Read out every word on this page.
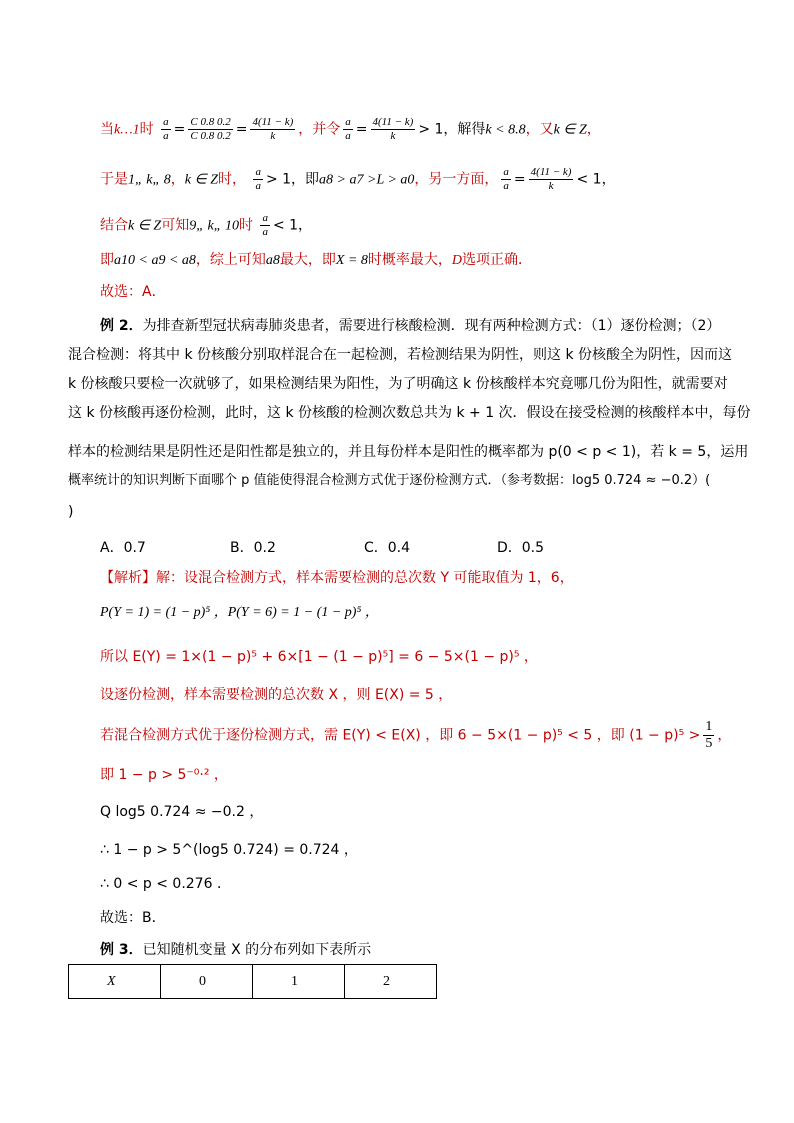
当k…1时 $\frac{a}{a} = \frac{C 0.8 0.2}{C 0.8 0.2} = \frac{4(11 - k)}{k}$ ，并令 $\frac{a}{a} = \frac{4(11 - k)}{k} > 1$，解得k < 8.8，又k ∈ Z，
于是1„ k„ 8，k ∈ Z时， $\frac{a}{a} > 1$，即a8 > a7 >L > a0，另一方面， $\frac{a}{a} = \frac{4(11 - k)}{k} < 1$，
结合k ∈ Z可知9„ k„ 10时 $\frac{a}{a} < 1$，
即a10 < a9 < a8，综上可知a8最大，即X = 8时概率最大，D选项正确．
故选：A．
例 2．为排查新型冠状病毒肺炎患者，需要进行核酸检测．现有两种检测方式：（1）逐份检测；（2）
混合检测：将其中 k 份核酸分别取样混合在一起检测，若检测结果为阴性，则这 k 份核酸全为阴性，因而这
k 份核酸只要检一次就够了，如果检测结果为阳性，为了明确这 k 份核酸样本究竟哪几份为阳性，就需要对
这 k 份核酸再逐份检测，此时，这 k 份核酸的检测次数总共为 k + 1 次．假设在接受检测的核酸样本中，每份
样本的检测结果是阴性还是阳性都是独立的，并且每份样本是阳性的概率都为 p(0 < p < 1)，若 k = 5，运用
概率统计的知识判断下面哪个 p 值能使得混合检测方式优于逐份检测方式．（参考数据：log5 0.724 ≈ −0.2）(
)
A．0.7	B．0.2	C．0.4	D．0.5
【解析】解：设混合检测方式，样本需要检测的总次数 Y 可能取值为 1，6，
P(Y = 1) = (1 − p)⁵ ，P(Y = 6) = 1 − (1 − p)⁵ ，
所以 E(Y) = 1×(1 − p)⁵ + 6×[1 − (1 − p)⁵] = 6 − 5×(1 − p)⁵ ，
设逐份检测，样本需要检测的总次数 X ，则 E(X) = 5 ，
若混合检测方式优于逐份检测方式，需 E(Y) < E(X) ，即 6 − 5×(1 − p)⁵ < 5 ，即 $(1 - p)^5 > \frac{1}{5}$ ，
即 1 − p > 5⁻⁰·² ，
Q log5 0.724 ≈ −0.2 ，
∴ 1 − p > 5^(log5 0.724) = 0.724 ，
∴ 0 < p < 0.276 ．
故选：B．
例 3．已知随机变量 X 的分布列如下表所示
X	0	1	2
